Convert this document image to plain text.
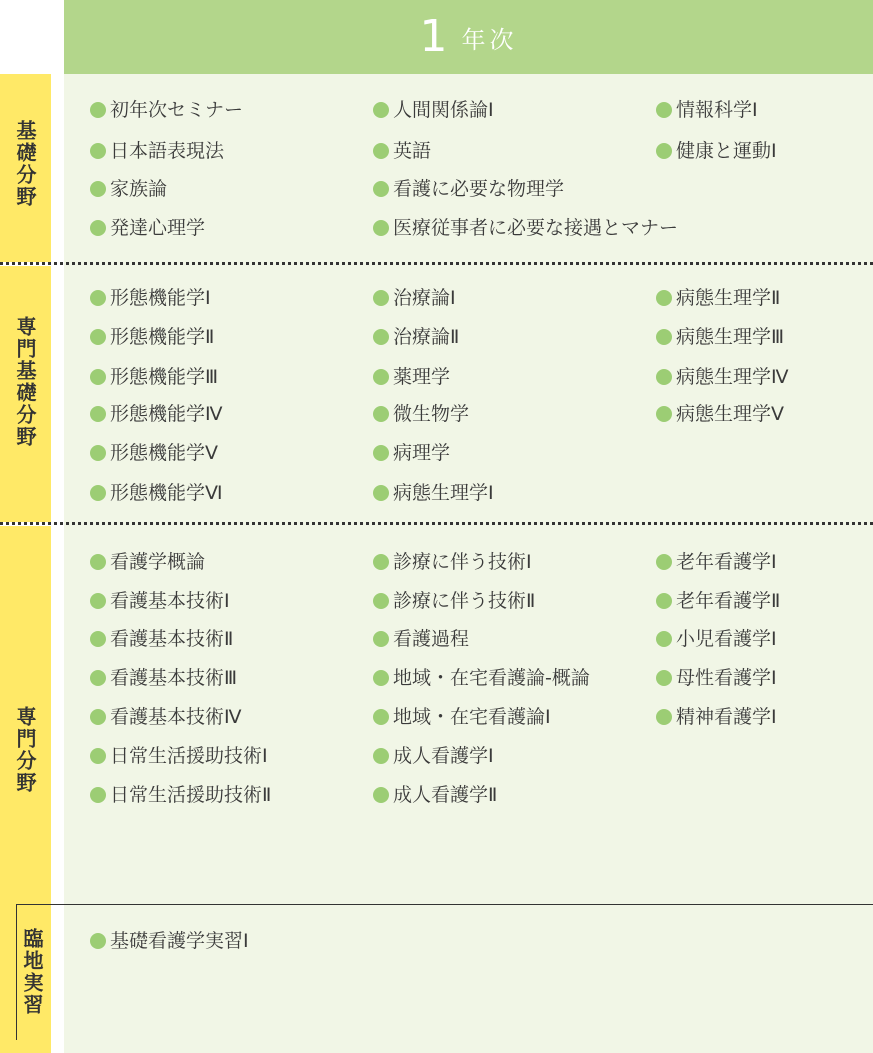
1 年次
基礎分野
専門基礎分野
専門分野
臨地実習
初年次セミナー
日本語表現法
家族論
発達心理学
人間関係論Ⅰ
英語
看護に必要な物理学
医療従事者に必要な接遇とマナー
情報科学Ⅰ
健康と運動Ⅰ
形態機能学Ⅰ
形態機能学Ⅱ
形態機能学Ⅲ
形態機能学Ⅳ
形態機能学Ⅴ
形態機能学Ⅵ
治療論Ⅰ
治療論Ⅱ
薬理学
微生物学
病理学
病態生理学Ⅰ
病態生理学Ⅱ
病態生理学Ⅲ
病態生理学Ⅳ
病態生理学Ⅴ
看護学概論
看護基本技術Ⅰ
看護基本技術Ⅱ
看護基本技術Ⅲ
看護基本技術Ⅳ
日常生活援助技術Ⅰ
日常生活援助技術Ⅱ
診療に伴う技術Ⅰ
診療に伴う技術Ⅱ
看護過程
地域・在宅看護論-概論
地域・在宅看護論Ⅰ
成人看護学Ⅰ
成人看護学Ⅱ
老年看護学Ⅰ
老年看護学Ⅱ
小児看護学Ⅰ
母性看護学Ⅰ
精神看護学Ⅰ
基礎看護学実習Ⅰ
